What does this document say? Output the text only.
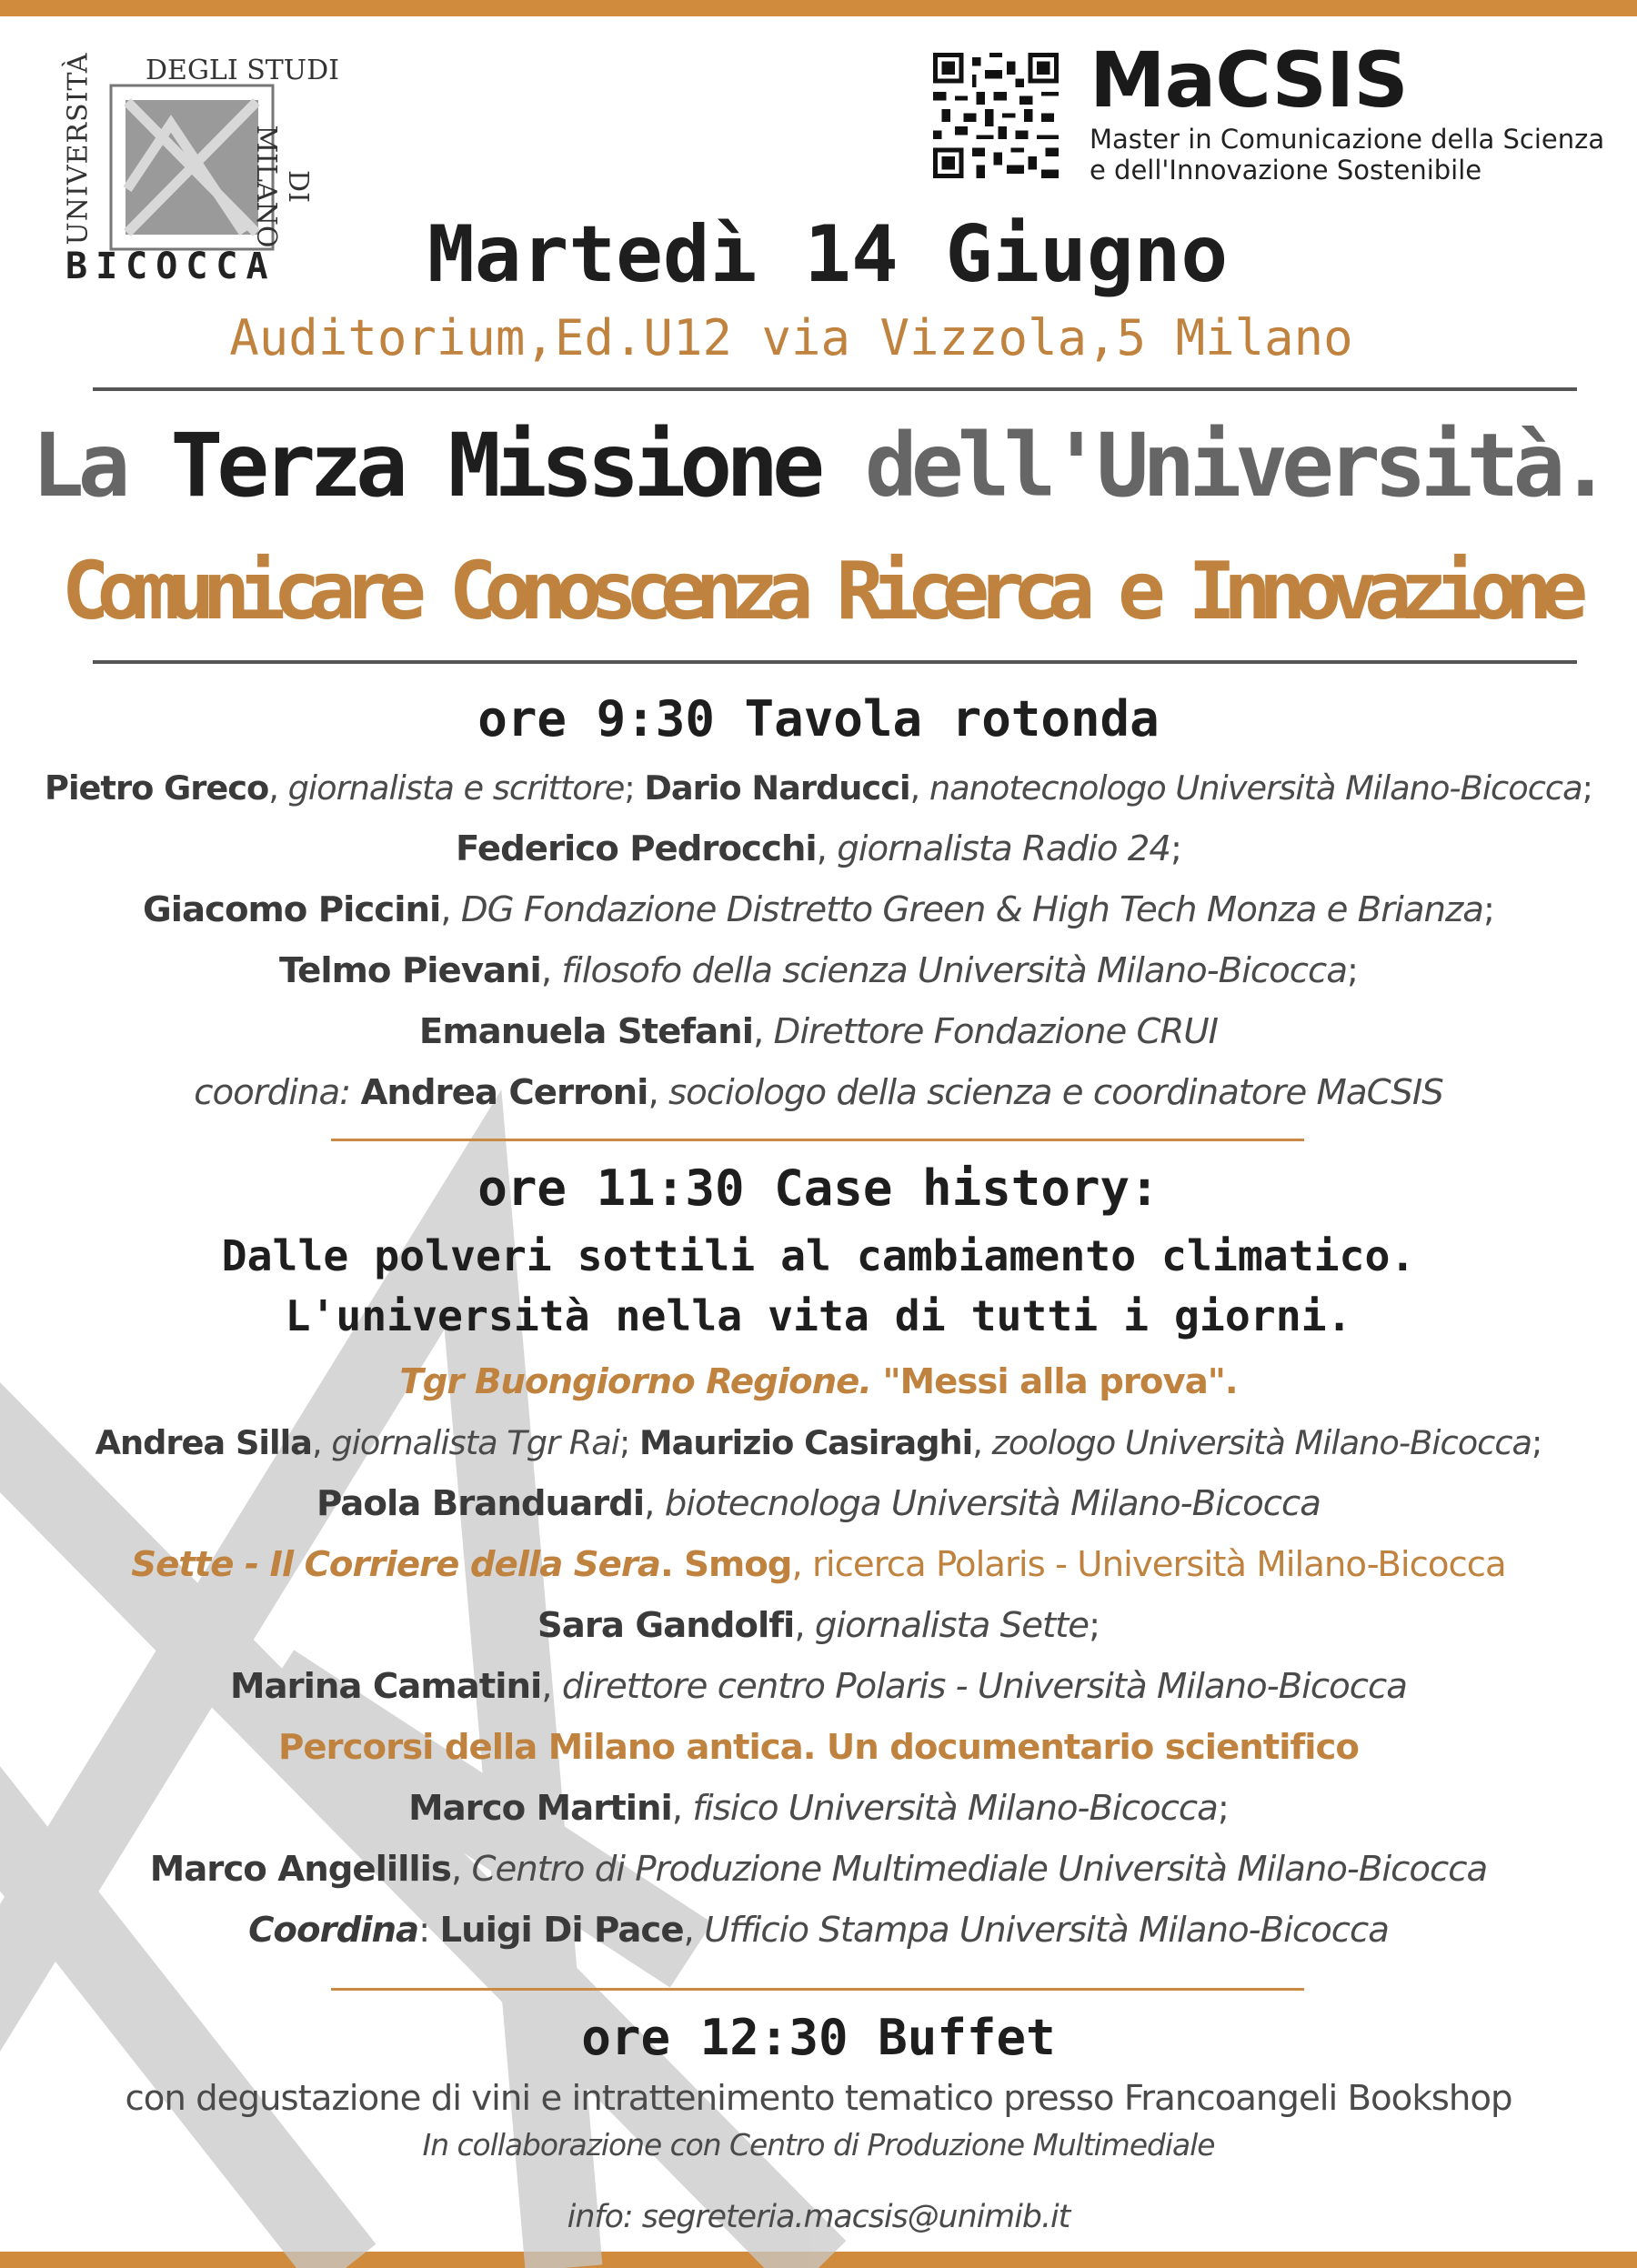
UNIVERSITÀ DEGLI STUDI
DI MILANO
BICOCCA
MaCSIS
Master in Comunicazione della Scienza
e dell'Innovazione Sostenibile
Martedì 14 Giugno
Auditorium,Ed.U12 via Vizzola,5 Milano
La Terza Missione dell'Università.
Comunicare Conoscenza Ricerca e Innovazione
ore 9:30 Tavola rotonda
Pietro Greco, giornalista e scrittore; Dario Narducci, nanotecnologo Università Milano-Bicocca;
Federico Pedrocchi, giornalista Radio 24;
Giacomo Piccini, DG Fondazione Distretto Green & High Tech Monza e Brianza;
Telmo Pievani, filosofo della scienza Università Milano-Bicocca;
Emanuela Stefani, Direttore Fondazione CRUI
coordina: Andrea Cerroni, sociologo della scienza e coordinatore MaCSIS
ore 11:30 Case history:
Dalle polveri sottili al cambiamento climatico.
L'università nella vita di tutti i giorni.
Tgr Buongiorno Regione. "Messi alla prova".
Andrea Silla, giornalista Tgr Rai; Maurizio Casiraghi, zoologo Università Milano-Bicocca;
Paola Branduardi, biotecnologa Università Milano-Bicocca
Sette - Il Corriere della Sera. Smog, ricerca Polaris - Università Milano-Bicocca
Sara Gandolfi, giornalista Sette;
Marina Camatini, direttore centro Polaris - Università Milano-Bicocca
Percorsi della Milano antica. Un documentario scientifico
Marco Martini, fisico Università Milano-Bicocca;
Marco Angelillis, Centro di Produzione Multimediale Università Milano-Bicocca
Coordina: Luigi Di Pace, Ufficio Stampa Università Milano-Bicocca
ore 12:30 Buffet
con degustazione di vini e intrattenimento tematico presso Francoangeli Bookshop
In collaborazione con Centro di Produzione Multimediale
info: segreteria.macsis@unimib.it
